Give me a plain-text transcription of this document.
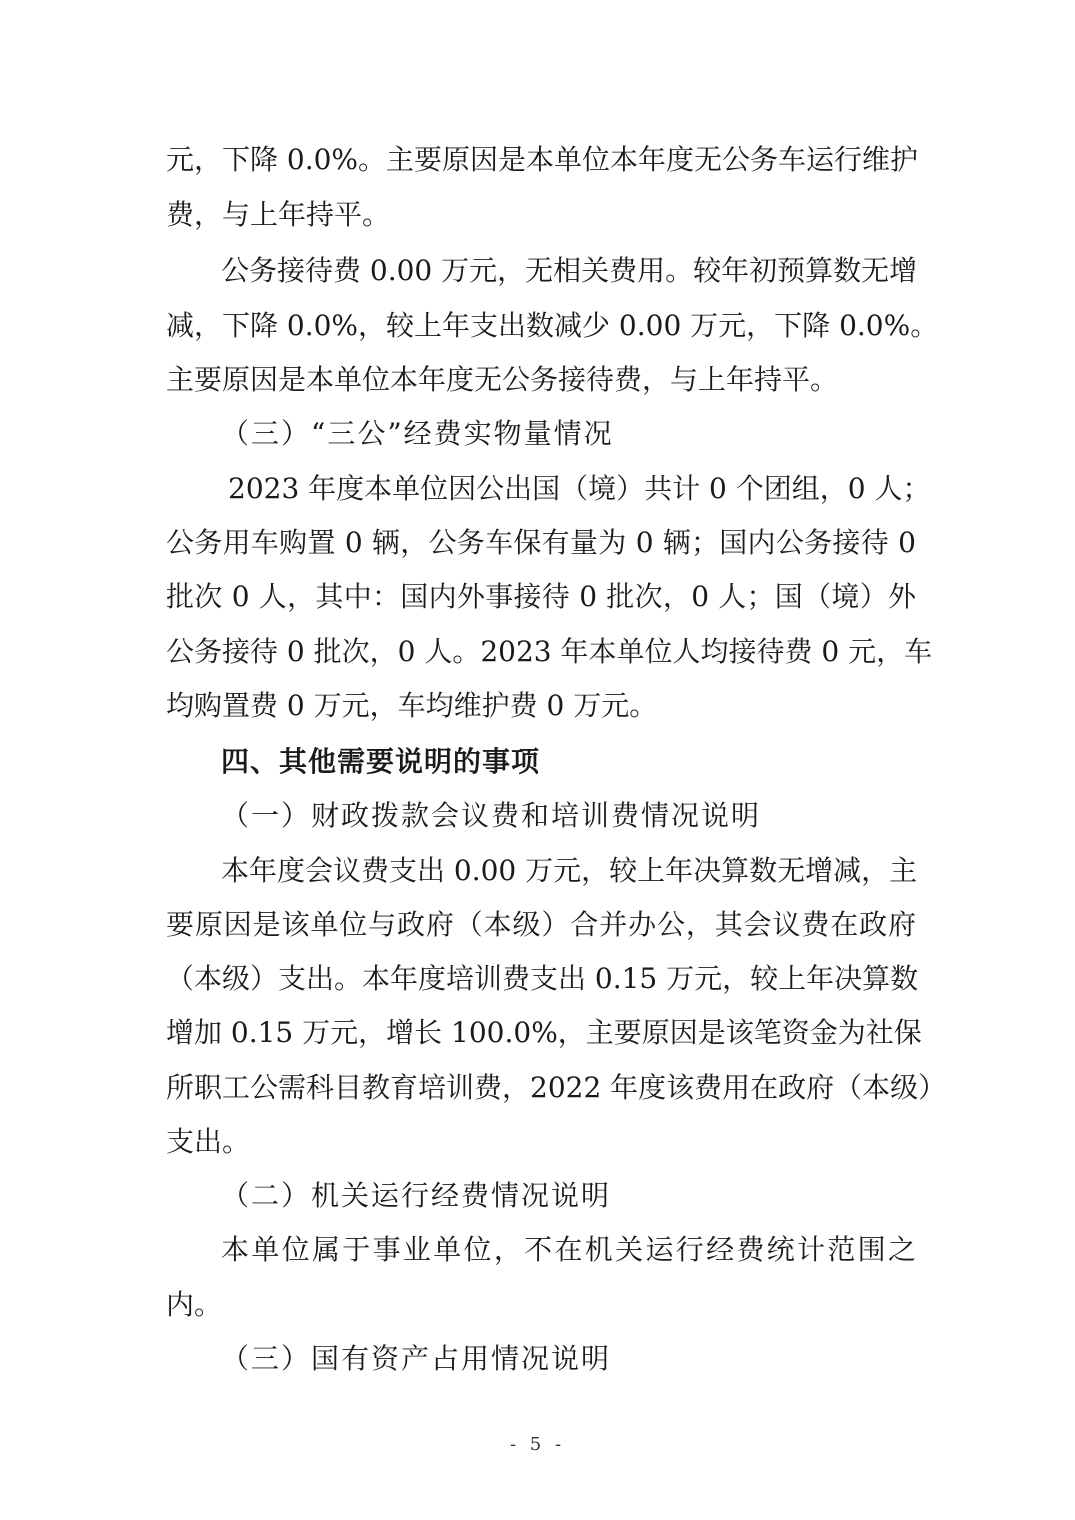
元，下降 0.0%。主要原因是本单位本年度无公务车运行维护
费，与上年持平。
公务接待费 0.00 万元，无相关费用。较年初预算数无增
减，下降 0.0%，较上年支出数减少 0.00 万元，下降 0.0%。
主要原因是本单位本年度无公务接待费，与上年持平。
（三）“三公”经费实物量情况
2023 年度本单位因公出国（境）共计 0 个团组，0 人；
公务用车购置 0 辆，公务车保有量为 0 辆；国内公务接待 0
批次 0 人，其中：国内外事接待 0 批次，0 人；国（境）外
公务接待 0 批次，0 人。2023 年本单位人均接待费 0 元，车
均购置费 0 万元，车均维护费 0 万元。
四、其他需要说明的事项
（一）财政拨款会议费和培训费情况说明
本年度会议费支出 0.00 万元，较上年决算数无增减，主
要原因是该单位与政府（本级）合并办公，其会议费在政府
（本级）支出。本年度培训费支出 0.15 万元，较上年决算数
增加 0.15 万元，增长 100.0%，主要原因是该笔资金为社保
所职工公需科目教育培训费，2022 年度该费用在政府（本级）
支出。
（二）机关运行经费情况说明
本单位属于事业单位，不在机关运行经费统计范围之
内。
（三）国有资产占用情况说明
- 5 -
